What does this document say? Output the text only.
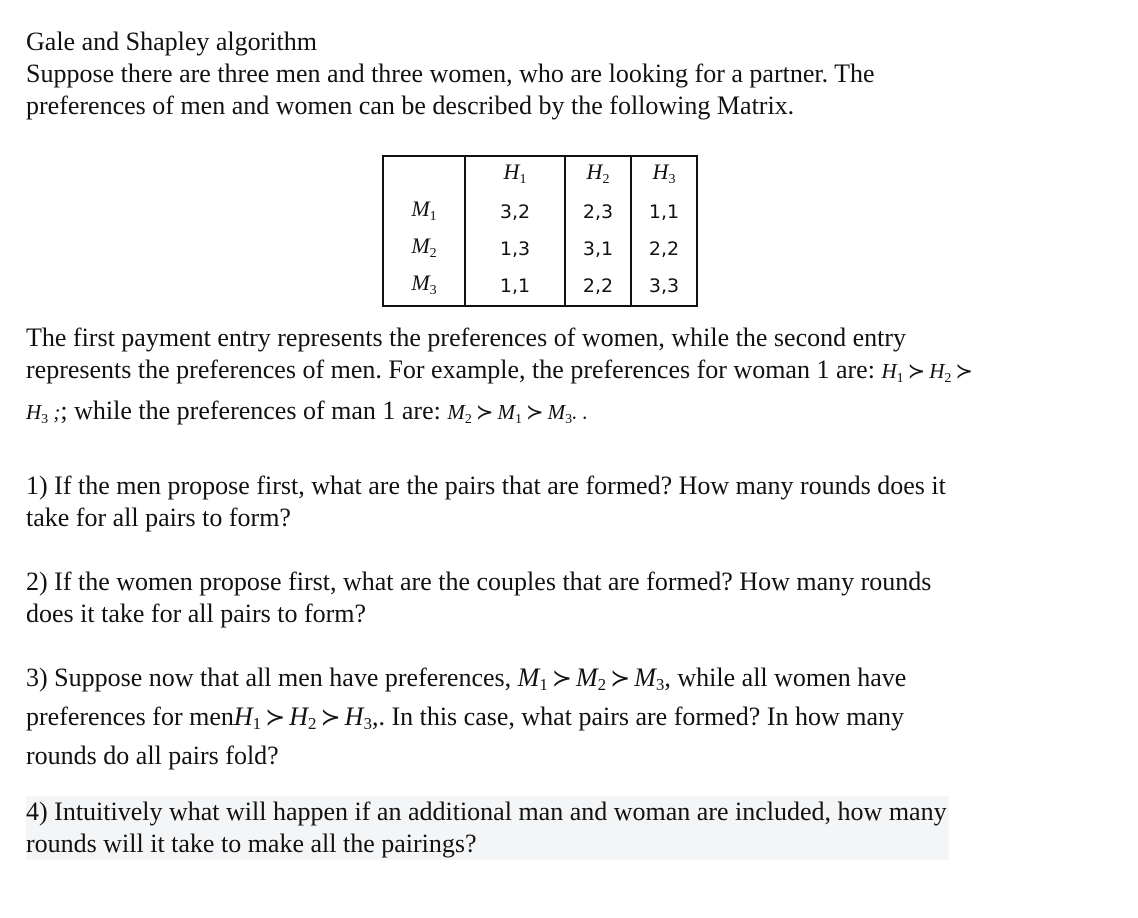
Gale and Shapley algorithm

Suppose there are three men and three women, who are looking for a partner. The
preferences of men and women can be described by the following Matrix.

	$H_1$	$H_2$	$H_3$
$M_1$	3,2	2,3	1,1
$M_2$	1,3	3,1	2,2
$M_3$	1,1	2,2	3,3

The first payment entry represents the preferences of women, while the second entry
represents the preferences of men. For example, the preferences for woman 1 are: $H_1$ ≻ $H_2$ ≻
$H_3$ ;; while the preferences of man 1 are: $M_2$ ≻ $M_1$ ≻ $M_3$. .

1) If the men propose first, what are the pairs that are formed? How many rounds does it
take for all pairs to form?

2) If the women propose first, what are the couples that are formed? How many rounds
does it take for all pairs to form?

3) Suppose now that all men have preferences, $M_1$ ≻ $M_2$ ≻ $M_3$, while all women have
preferences for menH$_1$ ≻ $H_2$ ≻ $H_3$,. In this case, what pairs are formed? In how many
rounds do all pairs fold?

4) Intuitively what will happen if an additional man and woman are included, how many
rounds will it take to make all the pairings?
